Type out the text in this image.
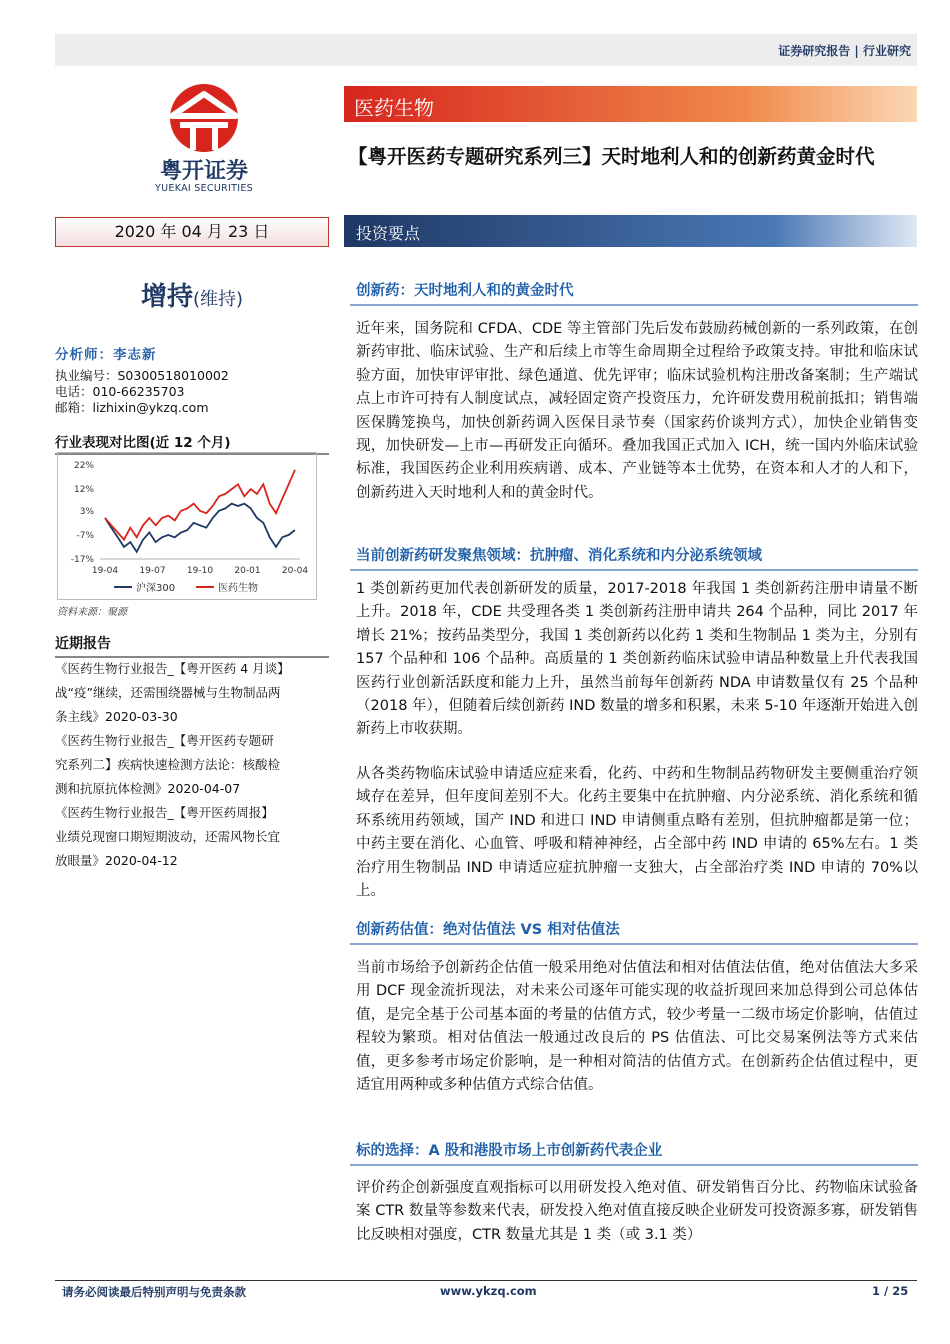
证券研究报告 | 行业研究
粤开证券
YUEKAI SECURITIES
医药生物
【粤开医药专题研究系列三】天时地利人和的创新药黄金时代
2020 年 04 月 23 日	投资要点
增持(维持)
分析师：李志新
执业编号：S0300518010002
电话：010-66235703
邮箱：lizhixin@ykzq.com
行业表现对比图(近 12 个月)
22%
12%
3%
-7%
-17%
19-04 19-07 19-10 20-01 20-04
沪深300	医药生物
资料来源：聚源
近期报告
《医药生物行业报告_【粤开医药 4 月谈】
战“疫”继续，还需围绕器械与生物制品两
条主线》2020-03-30
《医药生物行业报告_【粤开医药专题研
究系列二】疾病快速检测方法论：核酸检
测和抗原抗体检测》2020-04-07
《医药生物行业报告_【粤开医药周报】
业绩兑现窗口期短期波动，还需风物长宜
放眼量》2020-04-12
创新药：天时地利人和的黄金时代
近年来，国务院和 CFDA、CDE 等主管部门先后发布鼓励药械创新的一系列政策，在创新药审批、临床试验、生产和后续上市等生命周期全过程给予政策支持。审批和临床试验方面，加快审评审批、绿色通道、优先评审；临床试验机构注册改备案制；生产端试点上市许可持有人制度试点，减轻固定资产投资压力，允许研发费用税前抵扣；销售端医保腾笼换鸟，加快创新药调入医保目录节奏（国家药价谈判方式），加快企业销售变现，加快研发—上市—再研发正向循环。叠加我国正式加入 ICH，统一国内外临床试验标准，我国医药企业利用疾病谱、成本、产业链等本土优势，在资本和人才的人和下，创新药进入天时地利人和的黄金时代。
当前创新药研发聚焦领域：抗肿瘤、消化系统和内分泌系统领域
1 类创新药更加代表创新研发的质量，2017-2018 年我国 1 类创新药注册申请量不断上升。2018 年，CDE 共受理各类 1 类创新药注册申请共 264 个品种，同比 2017 年增长 21%；按药品类型分，我国 1 类创新药以化药 1 类和生物制品 1 类为主，分别有 157 个品种和 106 个品种。高质量的 1 类创新药临床试验申请品种数量上升代表我国医药行业创新活跃度和能力上升，虽然当前每年创新药 NDA 申请数量仅有 25 个品种（2018 年），但随着后续创新药 IND 数量的增多和积累，未来 5-10 年逐渐开始进入创新药上市收获期。
从各类药物临床试验申请适应症来看，化药、中药和生物制品药物研发主要侧重治疗领域存在差异，但年度间差别不大。化药主要集中在抗肿瘤、内分泌系统、消化系统和循环系统用药领域，国产 IND 和进口 IND 申请侧重点略有差别，但抗肿瘤都是第一位；中药主要在消化、心血管、呼吸和精神神经，占全部中药 IND 申请的 65%左右。1 类治疗用生物制品 IND 申请适应症抗肿瘤一支独大，占全部治疗类 IND 申请的 70%以上。
创新药估值：绝对估值法 VS 相对估值法
当前市场给予创新药企估值一般采用绝对估值法和相对估值法估值，绝对估值法大多采用 DCF 现金流折现法，对未来公司逐年可能实现的收益折现回来加总得到公司总体估值，是完全基于公司基本面的考量的估值方式，较少考量一二级市场定价影响，估值过程较为繁琐。相对估值法一般通过改良后的 PS 估值法、可比交易案例法等方式来估值，更多参考市场定价影响，是一种相对简洁的估值方式。在创新药企估值过程中，更适宜用两种或多种估值方式综合估值。
标的选择：A 股和港股市场上市创新药代表企业
评价药企创新强度直观指标可以用研发投入绝对值、研发销售百分比、药物临床试验备案 CTR 数量等参数来代表，研发投入绝对值直接反映企业研发可投资源多寡，研发销售比反映相对强度，CTR 数量尤其是 1 类（或 3.1 类）
请务必阅读最后特别声明与免责条款	www.ykzq.com	1 / 25
